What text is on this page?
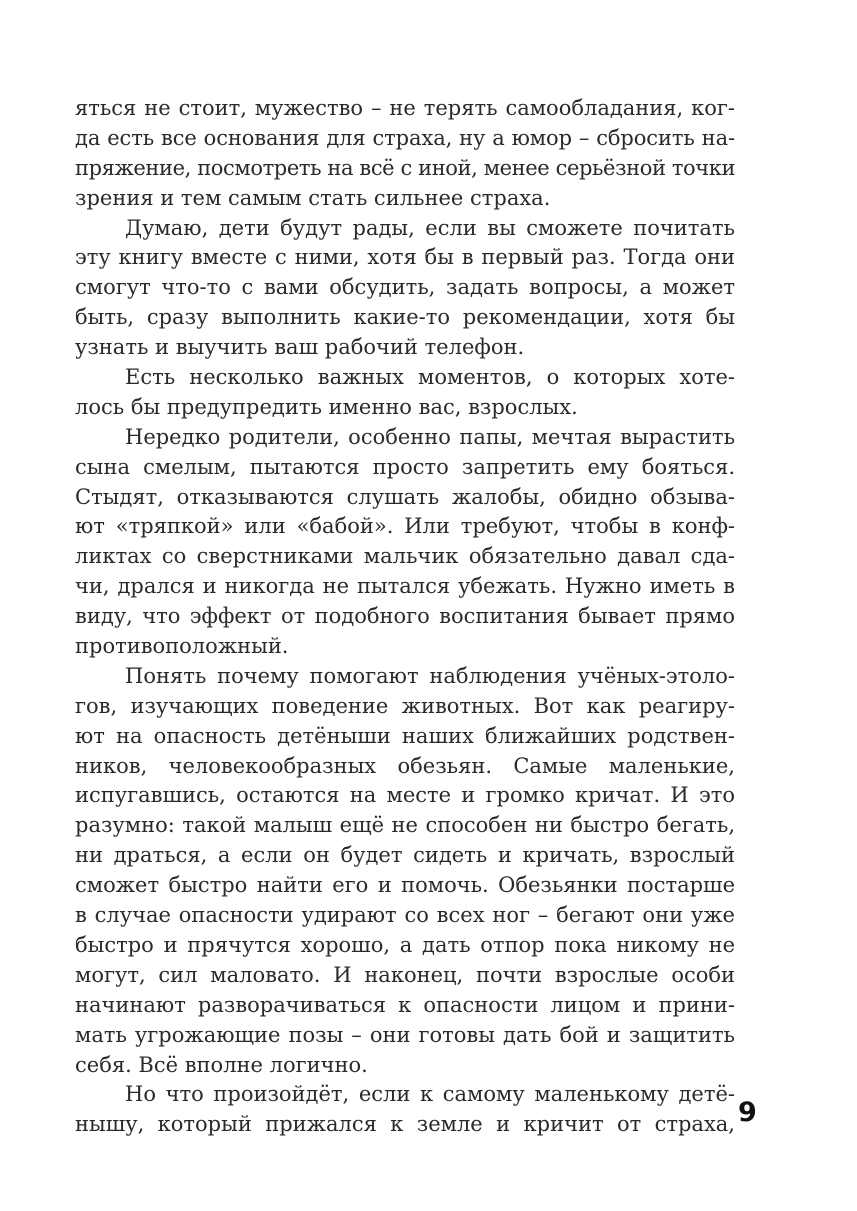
яться не стоит, мужество – не терять самообладания, ког-
да есть все основания для страха, ну а юмор – сбросить на-
пряжение, посмотреть на всё с иной, менее серьёзной точки
зрения и тем самым стать сильнее страха.
Думаю, дети будут рады, если вы сможете почитать
эту книгу вместе с ними, хотя бы в первый раз. Тогда они
смогут что-то с вами обсудить, задать вопросы, а может
быть, сразу выполнить какие-то рекомендации, хотя бы
узнать и выучить ваш рабочий телефон.
Есть несколько важных моментов, о которых хоте-
лось бы предупредить именно вас, взрослых.
Нередко родители, особенно папы, мечтая вырастить
сына смелым, пытаются просто запретить ему бояться.
Стыдят, отказываются слушать жалобы, обидно обзыва-
ют «тряпкой» или «бабой». Или требуют, чтобы в конф-
ликтах со сверстниками мальчик обязательно давал сда-
чи, дрался и никогда не пытался убежать. Нужно иметь в
виду, что эффект от подобного воспитания бывает прямо
противоположный.
Понять почему помогают наблюдения учёных-этоло-
гов, изучающих поведение животных. Вот как реагиру-
ют на опасность детёныши наших ближайших родствен-
ников, человекообразных обезьян. Самые маленькие,
испугавшись, остаются на месте и громко кричат. И это
разумно: такой малыш ещё не способен ни быстро бегать,
ни драться, а если он будет сидеть и кричать, взрослый
сможет быстро найти его и помочь. Обезьянки постарше
в случае опасности удирают со всех ног – бегают они уже
быстро и прячутся хорошо, а дать отпор пока никому не
могут, сил маловато. И наконец, почти взрослые особи
начинают разворачиваться к опасности лицом и прини-
мать угрожающие позы – они готовы дать бой и защитить
себя. Всё вполне логично.
Но что произойдёт, если к самому маленькому детё-
нышу, который прижался к земле и кричит от страха, 9
